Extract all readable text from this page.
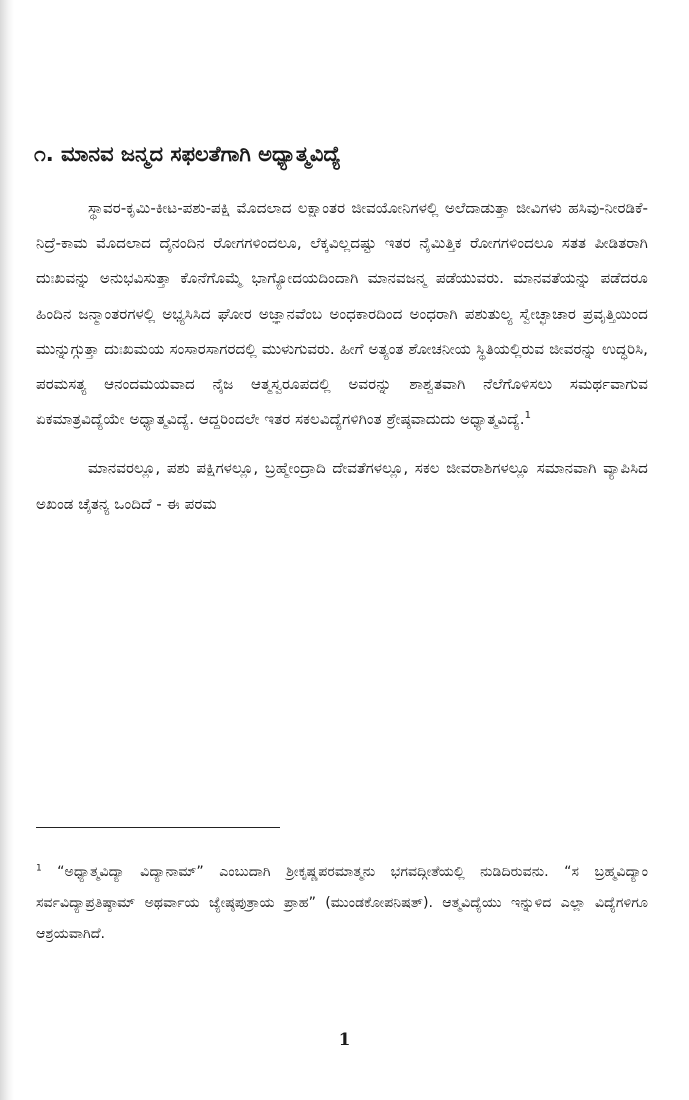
೧. ಮಾನವ ಜನ್ಮದ ಸಫಲತೆಗಾಗಿ ಅಧ್ಯಾತ್ಮವಿದ್ಯೆ

ಸ್ಥಾವರ-ಕೃಮಿ-ಕೀಟ-ಪಶು-ಪಕ್ಷಿ ಮೊದಲಾದ ಲಕ್ಷಾಂತರ ಜೀವಯೋನಿಗಳಲ್ಲಿ ಅಲೆದಾಡುತ್ತಾ ಜೀವಿಗಳು ಹಸಿವು-ನೀರಡಿಕೆ-ನಿದ್ರೆ-ಕಾಮ ಮೊದಲಾದ ದೈನಂದಿನ ರೋಗಗಳಿಂದಲೂ, ಲೆಕ್ಕವಿಲ್ಲದಷ್ಟು ಇತರ ನೈಮಿತ್ತಿಕ ರೋಗಗಳಿಂದಲೂ ಸತತ ಪೀಡಿತರಾಗಿ ದುಃಖವನ್ನು ಅನುಭವಿಸುತ್ತಾ ಕೊನೆಗೊಮ್ಮೆ ಭಾಗ್ಯೋದಯದಿಂದಾಗಿ ಮಾನವಜನ್ಮ ಪಡೆಯುವರು. ಮಾನವತೆಯನ್ನು ಪಡೆದರೂ ಹಿಂದಿನ ಜನ್ಮಾಂತರಗಳಲ್ಲಿ ಅಭ್ಯಸಿಸಿದ ಘೋರ ಅಜ್ಞಾನವೆಂಬ ಅಂಧಕಾರದಿಂದ ಅಂಧರಾಗಿ ಪಶುತುಲ್ಯ ಸ್ವೇಚ್ಛಾಚಾರ ಪ್ರವೃತ್ತಿಯಿಂದ ಮುನ್ನುಗ್ಗುತ್ತಾ ದುಃಖಮಯ ಸಂಸಾರಸಾಗರದಲ್ಲಿ ಮುಳುಗುವರು. ಹೀಗೆ ಅತ್ಯಂತ ಶೋಚನೀಯ ಸ್ಥಿತಿಯಲ್ಲಿರುವ ಜೀವರನ್ನು ಉದ್ಧರಿಸಿ, ಪರಮಸತ್ಯ ಆನಂದಮಯವಾದ ನೈಜ ಆತ್ಮಸ್ವರೂಪದಲ್ಲಿ ಅವರನ್ನು ಶಾಶ್ವತವಾಗಿ ನೆಲೆಗೊಳಿಸಲು ಸಮರ್ಥವಾಗುವ ಏಕಮಾತ್ರವಿದ್ಯೆಯೇ ಅಧ್ಯಾತ್ಮವಿದ್ಯೆ. ಆದ್ದರಿಂದಲೇ ಇತರ ಸಕಲವಿದ್ಯೆಗಳಿಗಿಂತ ಶ್ರೇಷ್ಠವಾದುದು ಅಧ್ಯಾತ್ಮವಿದ್ಯೆ.$^1$

ಮಾನವರಲ್ಲೂ, ಪಶು ಪಕ್ಷಿಗಳಲ್ಲೂ, ಬ್ರಹ್ಮೇಂದ್ರಾದಿ ದೇವತೆಗಳಲ್ಲೂ, ಸಕಲ ಜೀವರಾಶಿಗಳಲ್ಲೂ ಸಮಾನವಾಗಿ ವ್ಯಾಪಿಸಿದ ಅಖಂಡ ಚೈತನ್ಯ ಒಂದಿದೆ - ಈ ಪರಮ

$^1$ “ಅಧ್ಯಾತ್ಮವಿದ್ಯಾ ವಿದ್ಯಾನಾಮ್” ಎಂಬುದಾಗಿ ಶ್ರೀಕೃಷ್ಣಪರಮಾತ್ಮನು ಭಗವದ್ಗೀತೆಯಲ್ಲಿ ನುಡಿದಿರುವನು. “ಸ ಬ್ರಹ್ಮವಿದ್ಯಾಂ ಸರ್ವವಿದ್ಯಾಪ್ರತಿಷ್ಠಾಮ್ ಅಥರ್ವಾಯ ಜ್ಯೇಷ್ಠಪುತ್ರಾಯ ಪ್ರಾಹ” (ಮುಂಡಕೋಪನಿಷತ್). ಆತ್ಮವಿದ್ಯೆಯು ಇನ್ನುಳಿದ ಎಲ್ಲಾ ವಿದ್ಯೆಗಳಿಗೂ ಆಶ್ರಯವಾಗಿದೆ.

1
